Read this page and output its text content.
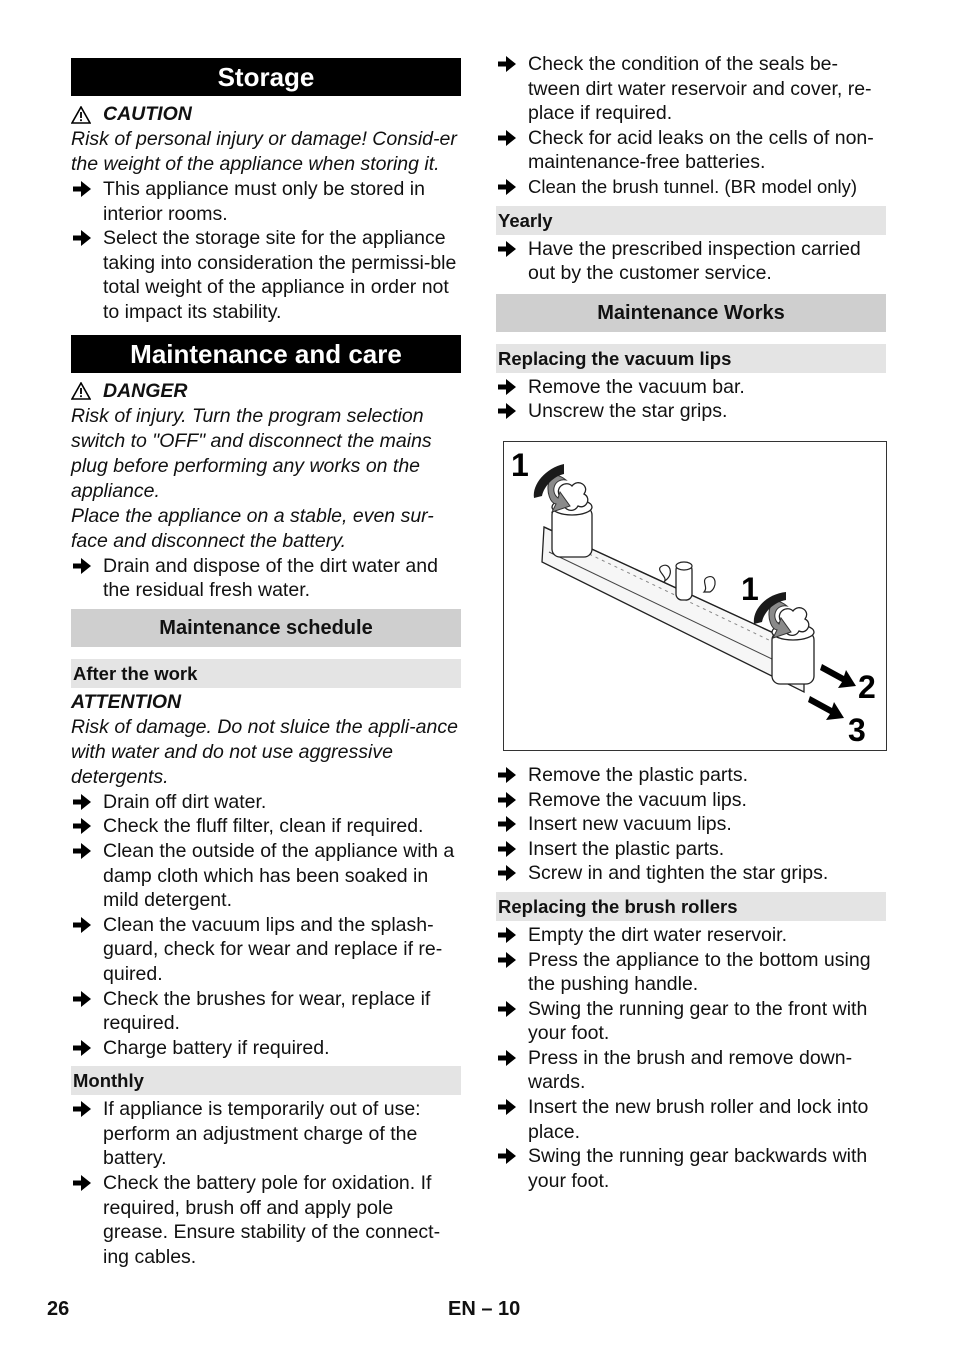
Storage
CAUTION
Risk of personal injury or damage! Consid-er the weight of the appliance when storing it.
This appliance must only be stored in interior rooms.
Select the storage site for the appliance taking into consideration the permissi-ble total weight of the appliance in order not to impact its stability.
Maintenance and care
DANGER
Risk of injury. Turn the program selection switch to "OFF" and disconnect the mains plug before performing any works on the appliance.
Place the appliance on a stable, even sur-face and disconnect the battery.
Drain and dispose of the dirt water and the residual fresh water.
Maintenance schedule
After the work
ATTENTION
Risk of damage. Do not sluice the appli-ance with water and do not use aggressive detergents.
Drain off dirt water.
Check the fluff filter, clean if required.
Clean the outside of the appliance with a damp cloth which has been soaked in mild detergent.
Clean the vacuum lips and the splash-guard, check for wear and replace if re-quired.
Check the brushes for wear, replace if required.
Charge battery if required.
Monthly
If appliance is temporarily out of use: perform an adjustment charge of the battery.
Check the battery pole for oxidation. If required, brush off and apply pole grease. Ensure stability of the connect-ing cables.
Check the condition of the seals be-tween dirt water reservoir and cover, re-place if required.
Check for acid leaks on the cells of non-maintenance-free batteries.
Clean the brush tunnel. (BR model only)
Yearly
Have the prescribed inspection carried out by the customer service.
Maintenance Works
Replacing the vacuum lips
Remove the vacuum bar.
Unscrew the star grips.
1
1
2
3
Remove the plastic parts.
Remove the vacuum lips.
Insert new vacuum lips.
Insert the plastic parts.
Screw in and tighten the star grips.
Replacing the brush rollers
Empty the dirt water reservoir.
Press the appliance to the bottom using the pushing handle.
Swing the running gear to the front with your foot.
Press in the brush and remove down-wards.
Insert the new brush roller and lock into place.
Swing the running gear backwards with your foot.
26	EN – 10
